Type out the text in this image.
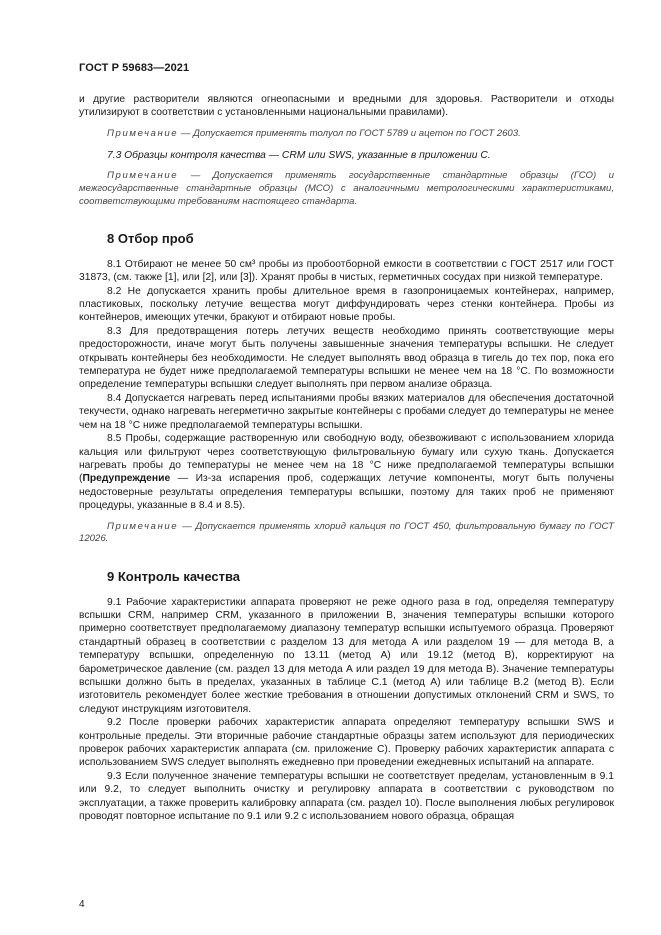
ГОСТ Р 59683—2021

и другие растворители являются огнеопасными и вредными для здоровья. Растворители и отходы утилизируют в соответствии с установленными национальными правилами).

Примечание — Допускается применять толуол по ГОСТ 5789 и ацетон по ГОСТ 2603.

7.3 Образцы контроля качества — CRM или SWS, указанные в приложении С.

Примечание — Допускается применять государственные стандартные образцы (ГСО) и межгосударственные стандартные образцы (МСО) с аналогичными метрологическими характеристиками, соответствующими требованиям настоящего стандарта.

8 Отбор проб

8.1 Отбирают не менее 50 см³ пробы из пробоотборной емкости в соответствии с ГОСТ 2517 или ГОСТ 31873, (см. также [1], или [2], или [3]). Хранят пробы в чистых, герметичных сосудах при низкой температуре.

8.2 Не допускается хранить пробы длительное время в газопроницаемых контейнерах, например, пластиковых, поскольку летучие вещества могут диффундировать через стенки контейнера. Пробы из контейнеров, имеющих утечки, бракуют и отбирают новые пробы.

8.3 Для предотвращения потерь летучих веществ необходимо принять соответствующие меры предосторожности, иначе могут быть получены завышенные значения температуры вспышки. Не следует открывать контейнеры без необходимости. Не следует выполнять ввод образца в тигель до тех пор, пока его температура не будет ниже предполагаемой температуры вспышки не менее чем на 18 °С. По возможности определение температуры вспышки следует выполнять при первом анализе образца.

8.4 Допускается нагревать перед испытаниями пробы вязких материалов для обеспечения достаточной текучести, однако нагревать негерметично закрытые контейнеры с пробами следует до температуры не менее чем на 18 °С ниже предполагаемой температуры вспышки.

8.5 Пробы, содержащие растворенную или свободную воду, обезвоживают с использованием хлорида кальция или фильтруют через соответствующую фильтровальную бумагу или сухую ткань. Допускается нагревать пробы до температуры не менее чем на 18 °С ниже предполагаемой температуры вспышки (Предупреждение — Из-за испарения проб, содержащих летучие компоненты, могут быть получены недостоверные результаты определения температуры вспышки, поэтому для таких проб не применяют процедуры, указанные в 8.4 и 8.5).

Примечание — Допускается применять хлорид кальция по ГОСТ 450, фильтровальную бумагу по ГОСТ 12026.

9 Контроль качества

9.1 Рабочие характеристики аппарата проверяют не реже одного раза в год, определяя температуру вспышки CRM, например CRM, указанного в приложении В, значения температуры вспышки которого примерно соответствует предполагаемому диапазону температур вспышки испытуемого образца. Проверяют стандартный образец в соответствии с разделом 13 для метода А или разделом 19 — для метода В, а температуру вспышки, определенную по 13.11 (метод А) или 19.12 (метод В), корректируют на барометрическое давление (см. раздел 13 для метода А или раздел 19 для метода В). Значение температуры вспышки должно быть в пределах, указанных в таблице С.1 (метод А) или таблице В.2 (метод В). Если изготовитель рекомендует более жесткие требования в отношении допустимых отклонений CRM и SWS, то следуют инструкциям изготовителя.

9.2 После проверки рабочих характеристик аппарата определяют температуру вспышки SWS и контрольные пределы. Эти вторичные рабочие стандартные образцы затем используют для периодических проверок рабочих характеристик аппарата (см. приложение С). Проверку рабочих характеристик аппарата с использованием SWS следует выполнять ежедневно при проведении ежедневных испытаний на аппарате.

9.3 Если полученное значение температуры вспышки не соответствует пределам, установленным в 9.1 или 9.2, то следует выполнить очистку и регулировку аппарата в соответствии с руководством по эксплуатации, а также проверить калибровку аппарата (см. раздел 10). После выполнения любых регулировок проводят повторное испытание по 9.1 или 9.2 с использованием нового образца, обращая

4
